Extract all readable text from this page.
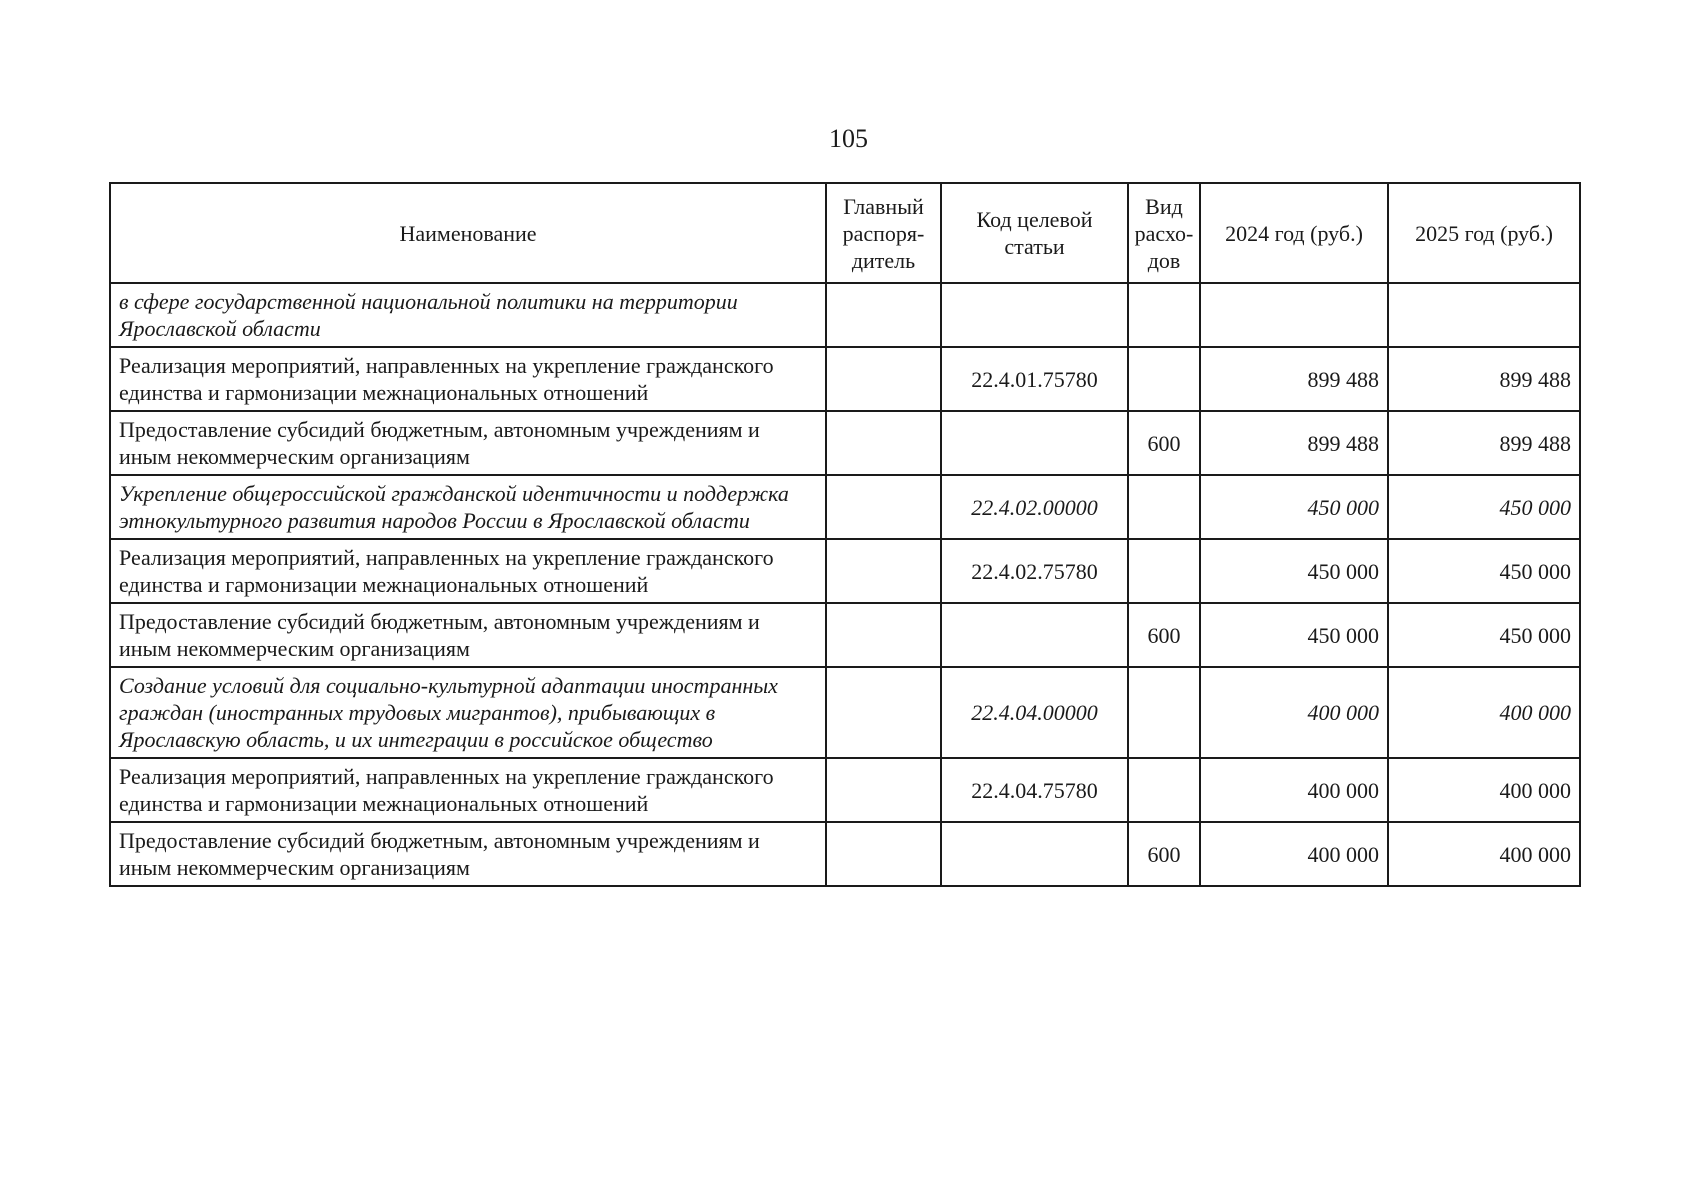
105
Наименование	Главный распоря-дитель	Код целевой статьи	Вид расхо-дов	2024 год (руб.)	2025 год (руб.)
в сфере государственной национальной политики на территории Ярославской области					
Реализация мероприятий, направленных на укрепление гражданского единства и гармонизации межнациональных отношений		22.4.01.75780		899 488	899 488
Предоставление субсидий бюджетным, автономным учреждениям и иным некоммерческим организациям			600	899 488	899 488
Укрепление общероссийской гражданской идентичности и поддержка этнокультурного развития народов России в Ярославской области		22.4.02.00000		450 000	450 000
Реализация мероприятий, направленных на укрепление гражданского единства и гармонизации межнациональных отношений		22.4.02.75780		450 000	450 000
Предоставление субсидий бюджетным, автономным учреждениям и иным некоммерческим организациям			600	450 000	450 000
Создание условий для социально-культурной адаптации иностранных граждан (иностранных трудовых мигрантов), прибывающих в Ярославскую область, и их интеграции в российское общество		22.4.04.00000		400 000	400 000
Реализация мероприятий, направленных на укрепление гражданского единства и гармонизации межнациональных отношений		22.4.04.75780		400 000	400 000
Предоставление субсидий бюджетным, автономным учреждениям и иным некоммерческим организациям			600	400 000	400 000
